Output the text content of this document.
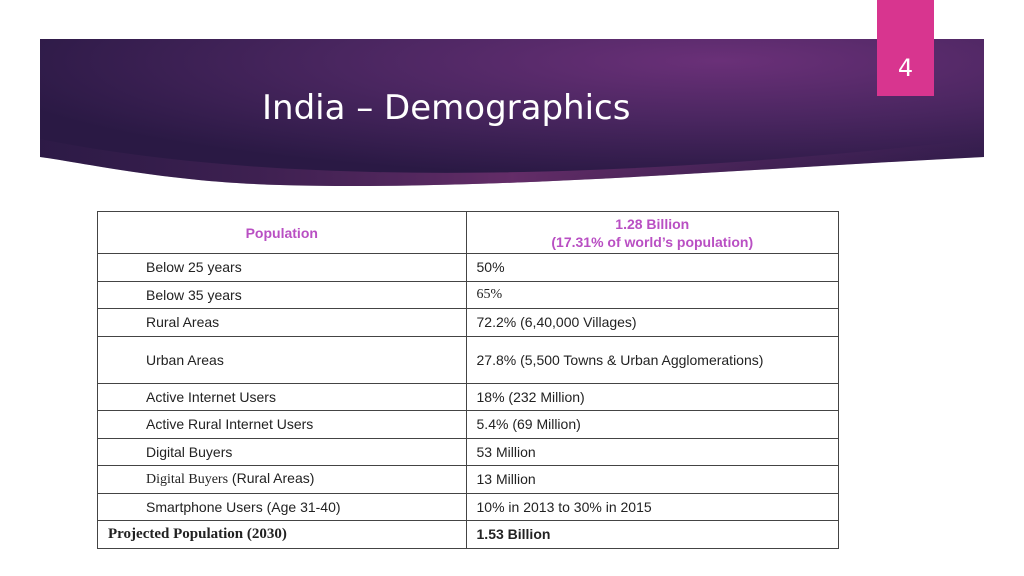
India – Demographics
4
Population	1.28 Billion
(17.31% of world’s population)

Below 25 years	50%
Below 35 years	65%
Rural Areas	72.2% (6,40,000 Villages)
Urban Areas	27.8% (5,500 Towns & Urban Agglomerations)
Active Internet Users	18% (232 Million)
Active Rural Internet Users	5.4% (69 Million)
Digital Buyers	53 Million
Digital Buyers (Rural Areas)	13 Million
Smartphone Users (Age 31-40)	10% in 2013 to 30% in 2015
Projected Population (2030)	1.53 Billion
